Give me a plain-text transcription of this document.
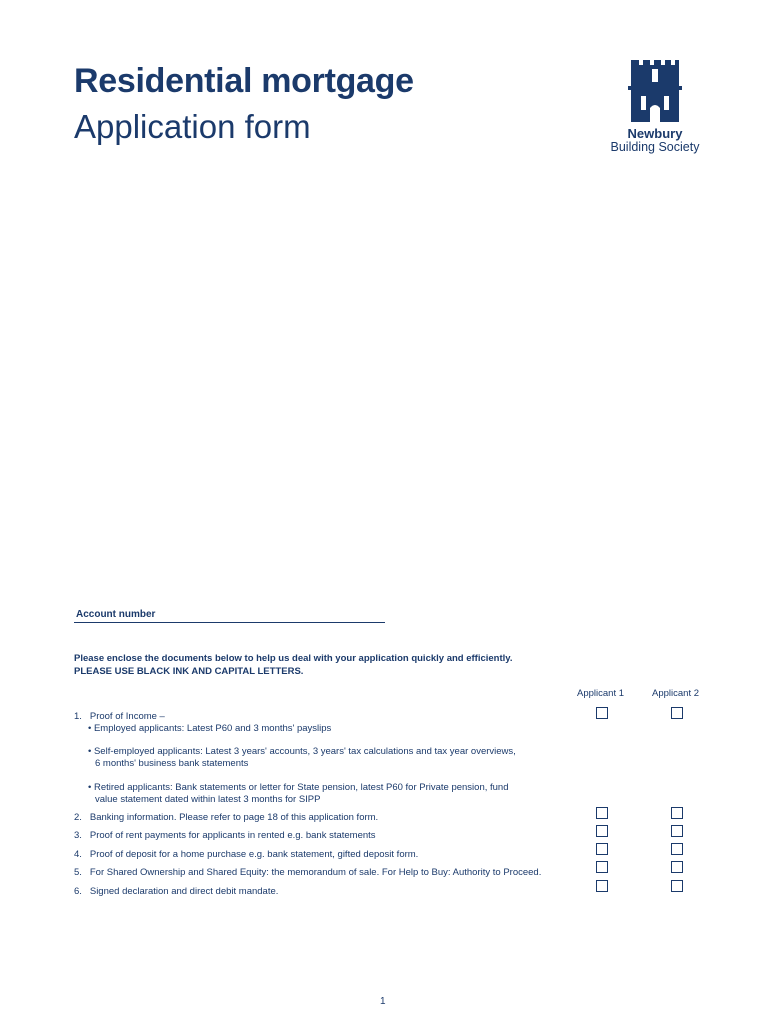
Residential mortgage
Application form	Newbury
Building Society
Account number
Please enclose the documents below to help us deal with your application quickly and efficiently.
PLEASE USE BLACK INK AND CAPITAL LETTERS.
Applicant 1	Applicant 2
1. Proof of Income –
• Employed applicants: Latest P60 and 3 months' payslips
• Self-employed applicants: Latest 3 years' accounts, 3 years' tax calculations and tax year overviews,
6 months' business bank statements
• Retired applicants: Bank statements or letter for State pension, latest P60 for Private pension, fund
value statement dated within latest 3 months for SIPP
2. Banking information. Please refer to page 18 of this application form.
3. Proof of rent payments for applicants in rented e.g. bank statements
4. Proof of deposit for a home purchase e.g. bank statement, gifted deposit form.
5. For Shared Ownership and Shared Equity: the memorandum of sale. For Help to Buy: Authority to Proceed.
6. Signed declaration and direct debit mandate.
1
